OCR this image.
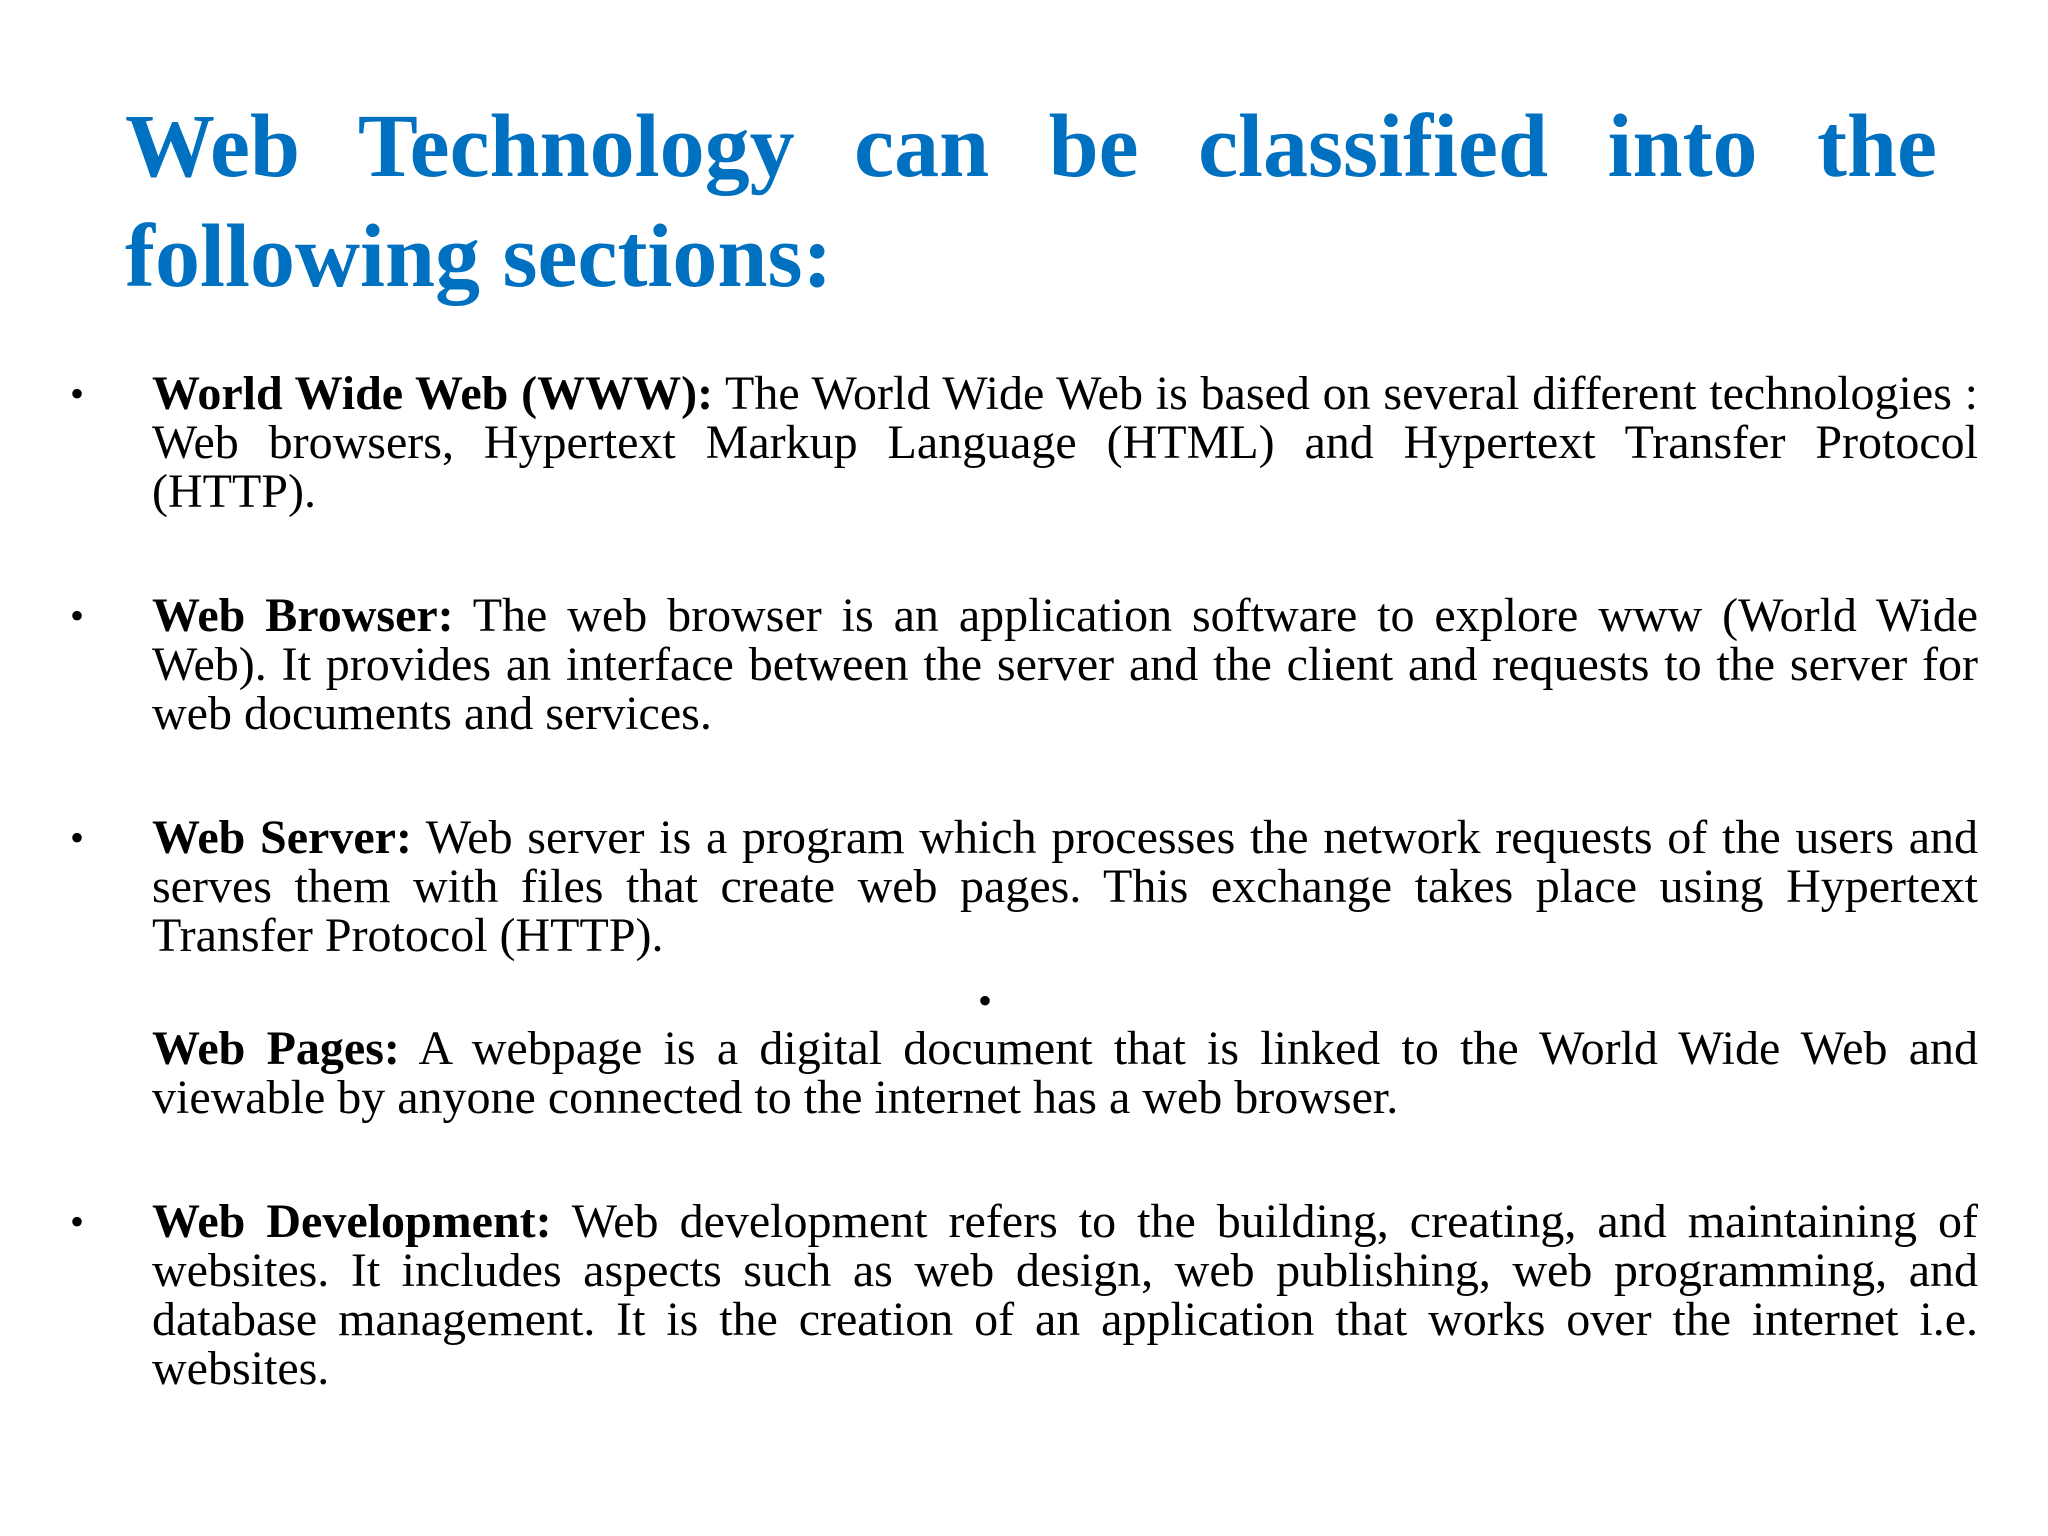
Web Technology can be classified into the following sections:
• World Wide Web (WWW): The World Wide Web is based on several different technologies : Web browsers, Hypertext Markup Language (HTML) and Hypertext Transfer Protocol (HTTP).
• Web Browser: The web browser is an application software to explore www (World Wide Web). It provides an interface between the server and the client and requests to the server for web documents and services.
• Web Server: Web server is a program which processes the network requests of the users and serves them with files that create web pages. This exchange takes place using Hypertext Transfer Protocol (HTTP).
•
Web Pages: A webpage is a digital document that is linked to the World Wide Web and viewable by anyone connected to the internet has a web browser.
• Web Development: Web development refers to the building, creating, and maintaining of websites. It includes aspects such as web design, web publishing, web programming, and database management. It is the creation of an application that works over the internet i.e. websites.
